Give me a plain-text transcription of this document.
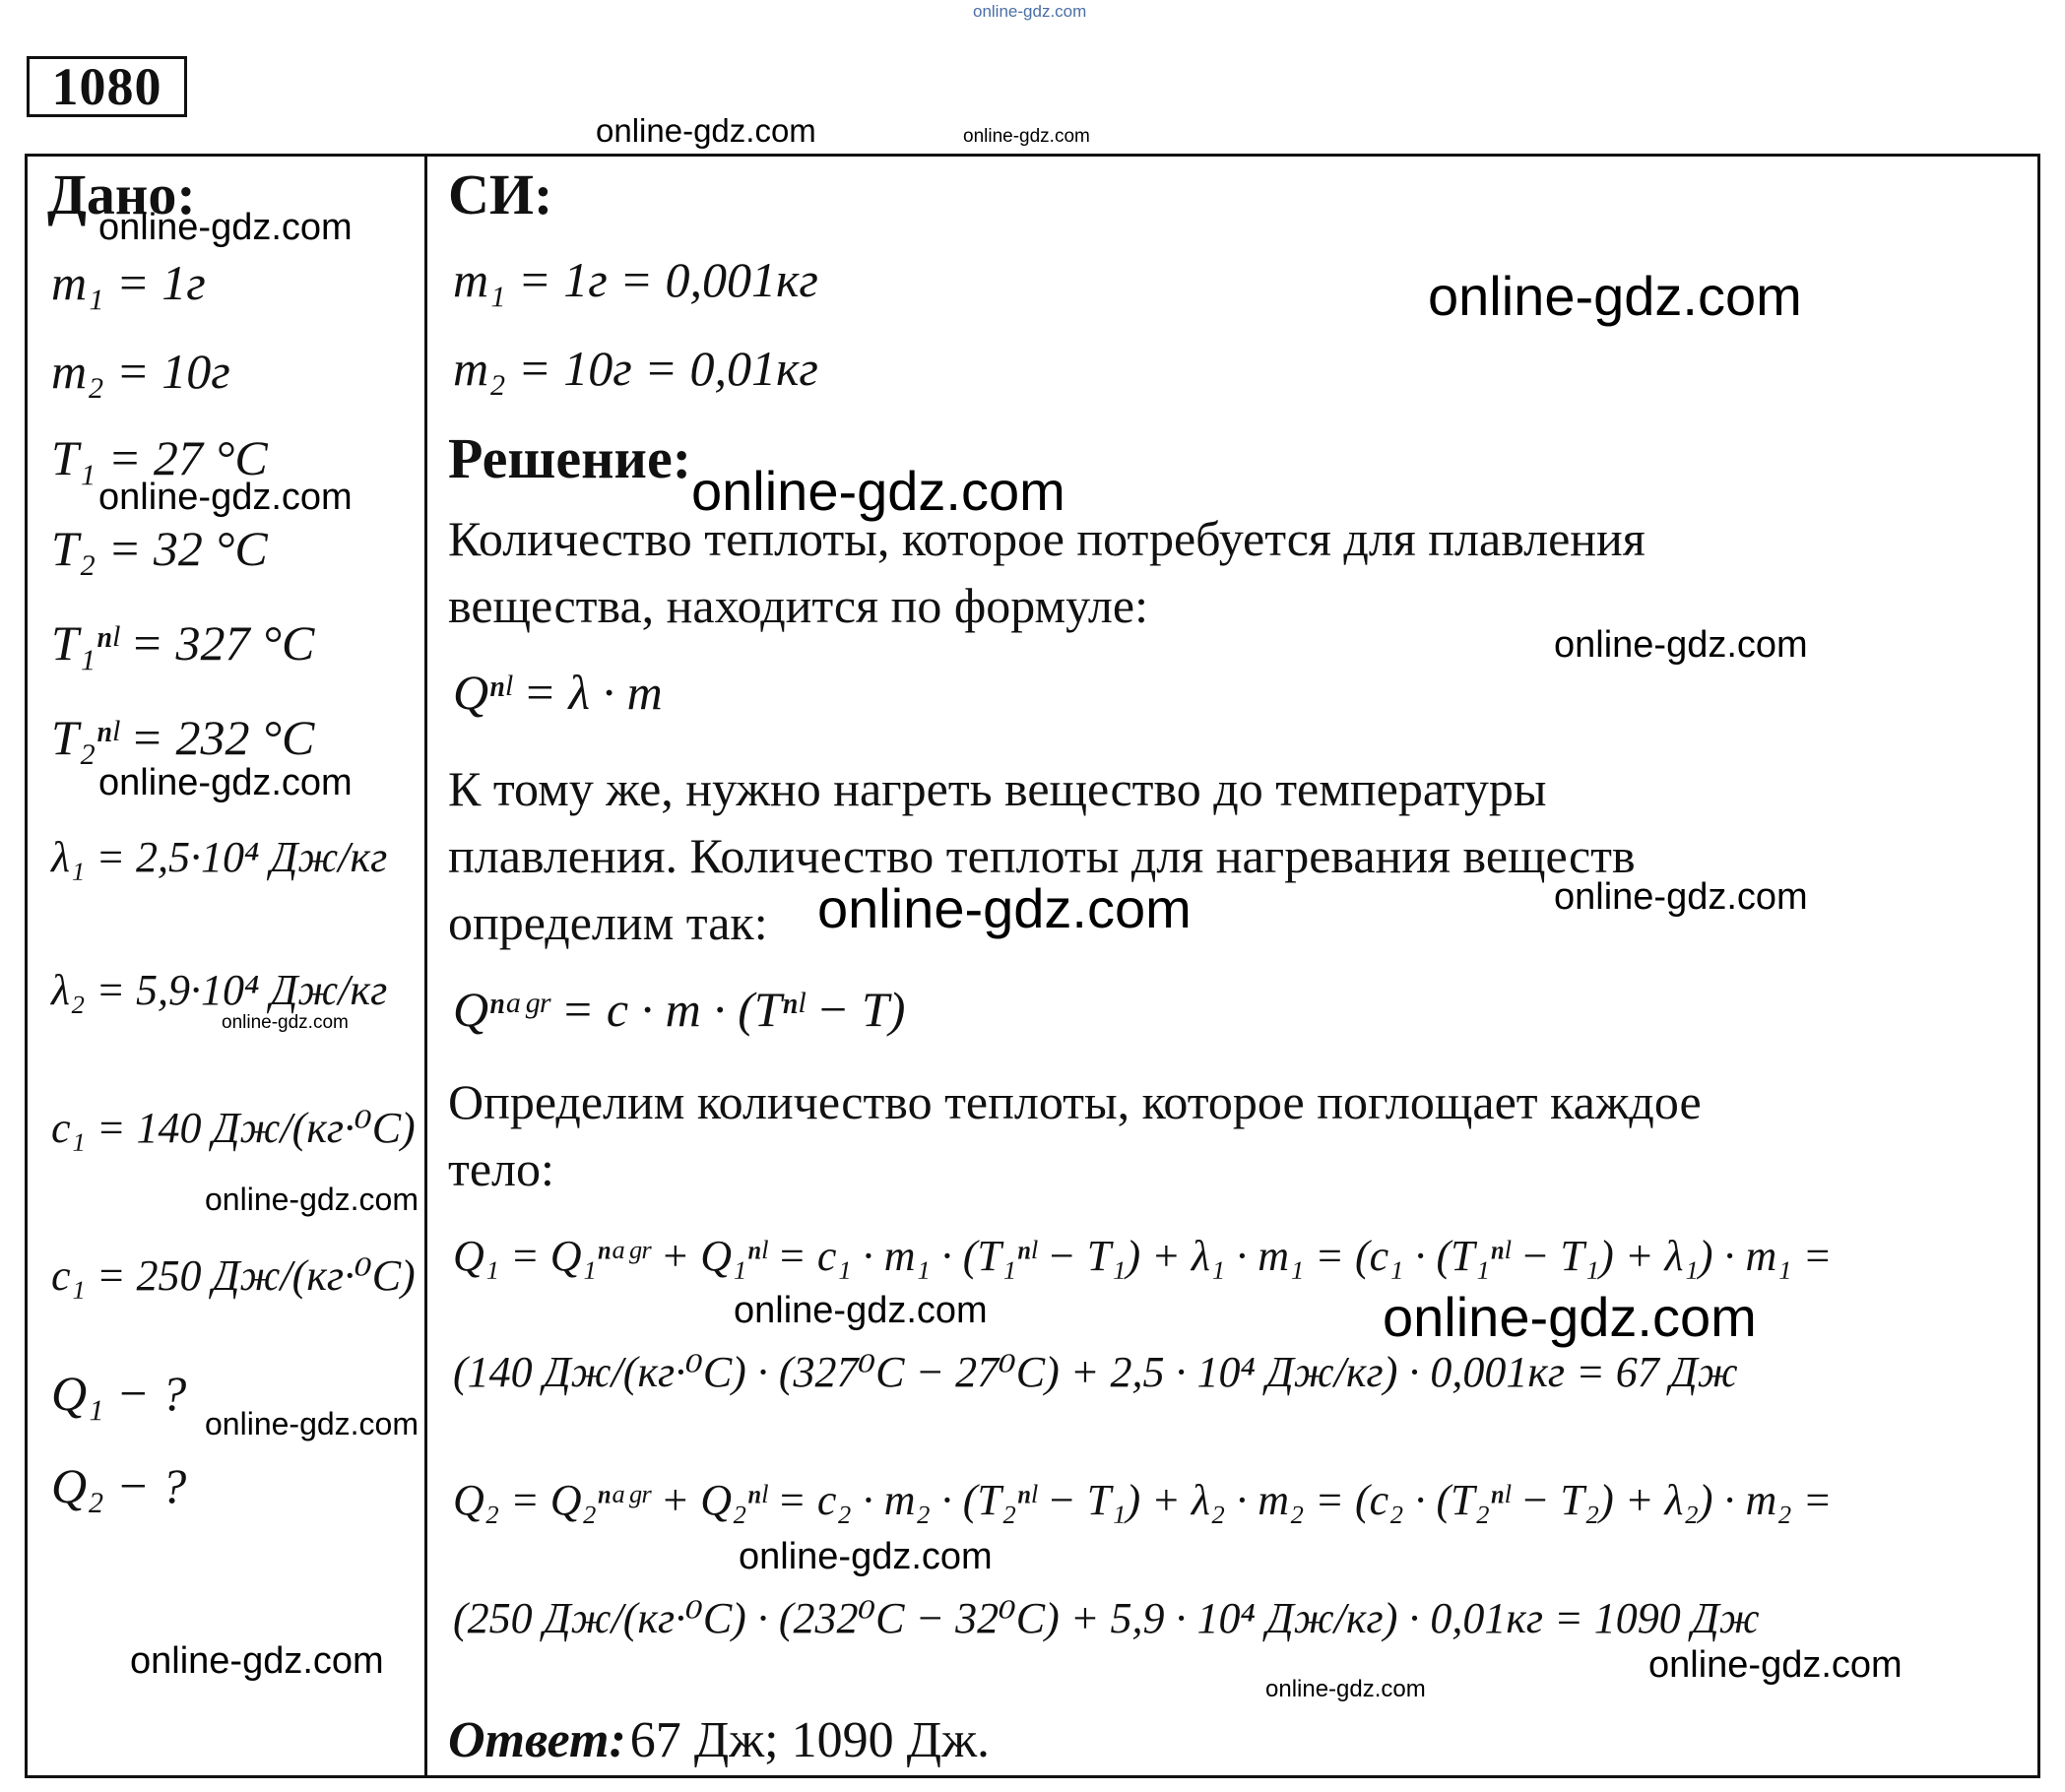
online-gdz.com
online-gdz.com	online-gdz.com
1080
Дано:
online-gdz.com
m₁ = 1г
m₂ = 10г
T₁ = 27 °C
online-gdz.com
T₂ = 32 °C
T₁ⁿˡ = 327 °C
T₂ⁿˡ = 232 °C
online-gdz.com
λ₁ = 2,5·10⁴ Дж/кг
λ₂ = 5,9·10⁴ Дж/кг
online-gdz.com
c₁ = 140 Дж/(кг·⁰C)
online-gdz.com
c₁ = 250 Дж/(кг·⁰C)
Q₁ − ?
online-gdz.com
Q₂ − ?
online-gdz.com
СИ:
m₁ = 1г = 0,001кг
m₂ = 10г = 0,01кг
online-gdz.com
Решение:
online-gdz.com
Количество теплоты, которое потребуется для плавления
вещества, находится по формуле:
online-gdz.com
Qⁿˡ = λ · m
К тому же, нужно нагреть вещество до температуры
плавления. Количество теплоты для нагревания веществ
определим так: online-gdz.com	online-gdz.com
Qⁿᵃᵍʳ = c · m · (Tⁿˡ − T)
Определим количество теплоты, которое поглощает каждое
тело:
Q₁ = Q₁ⁿᵃᵍʳ + Q₁ⁿˡ = c₁ · m₁ · (T₁ⁿˡ − T₁) + λ₁ · m₁ = (c₁ · (T₁ⁿˡ − T₁) + λ₁) · m₁ =
online-gdz.com	online-gdz.com
(140 Дж/(кг·⁰C) · (327⁰C − 27⁰C) + 2,5 · 10⁴ Дж/кг) · 0,001кг = 67 Дж
Q₂ = Q₂ⁿᵃᵍʳ + Q₂ⁿˡ = c₂ · m₂ · (T₂ⁿˡ − T₁) + λ₂ · m₂ = (c₂ · (T₂ⁿˡ − T₂) + λ₂) · m₂ =
online-gdz.com
(250 Дж/(кг·⁰C) · (232⁰C − 32⁰C) + 5,9 · 10⁴ Дж/кг) · 0,01кг = 1090 Дж
online-gdz.com
online-gdz.com
Ответ: 67 Дж; 1090 Дж.
